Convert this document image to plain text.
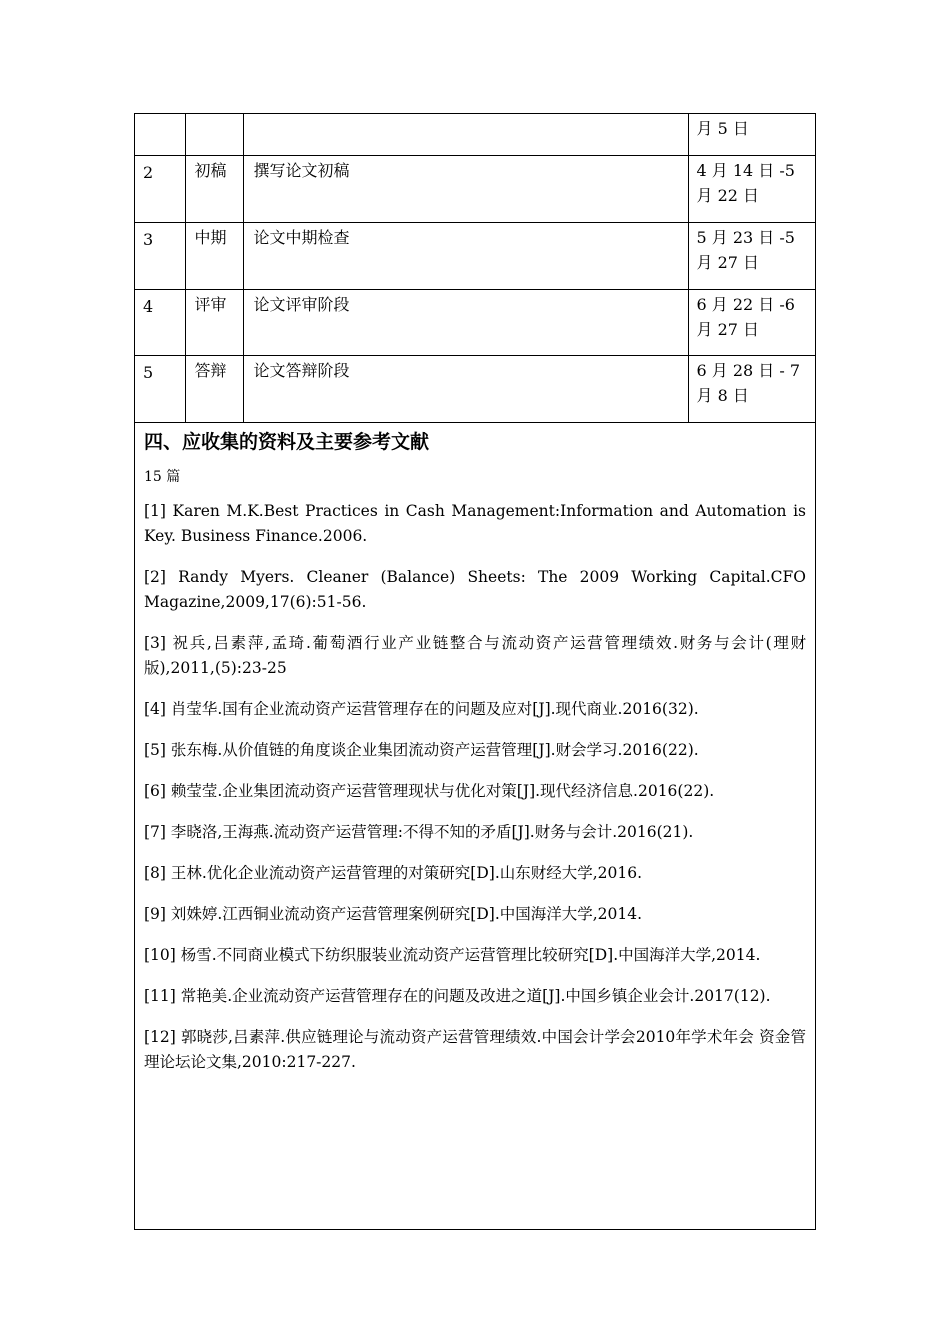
			月 5 日
2	初稿	撰写论文初稿	4 月 14 日 -5 月 22 日
3	中期	论文中期检查	5 月 23 日 -5 月 27 日
4	评审	论文评审阶段	6 月 22 日 -6 月 27 日
5	答辩	论文答辩阶段	6 月 28 日 - 7 月 8 日
四、应收集的资料及主要参考文献
15 篇
[1] Karen M.K.Best Practices in Cash Management:Information and Automation is Key. Business Finance.2006.
[2] Randy Myers. Cleaner (Balance) Sheets: The 2009 Working Capital.CFO Magazine,2009,17(6):51-56.
[3] 祝兵,吕素萍,孟琦.葡萄酒行业产业链整合与流动资产运营管理绩效.财务与会计(理财版),2011,(5):23-25
[4] 肖莹华.国有企业流动资产运营管理存在的问题及应对[J].现代商业.2016(32).
[5] 张东梅.从价值链的角度谈企业集团流动资产运营管理[J].财会学习.2016(22).
[6] 赖莹莹.企业集团流动资产运营管理现状与优化对策[J].现代经济信息.2016(22).
[7] 李晓洛,王海燕.流动资产运营管理:不得不知的矛盾[J].财务与会计.2016(21).
[8] 王林.优化企业流动资产运营管理的对策研究[D].山东财经大学,2016.
[9] 刘姝婷.江西铜业流动资产运营管理案例研究[D].中国海洋大学,2014.
[10] 杨雪.不同商业模式下纺织服装业流动资产运营管理比较研究[D].中国海洋大学,2014.
[11] 常艳美.企业流动资产运营管理存在的问题及改进之道[J].中国乡镇企业会计.2017(12).
[12] 郭晓莎,吕素萍.供应链理论与流动资产运营管理绩效.中国会计学会2010年学术年会 资金管理论坛论文集,2010:217-227.
